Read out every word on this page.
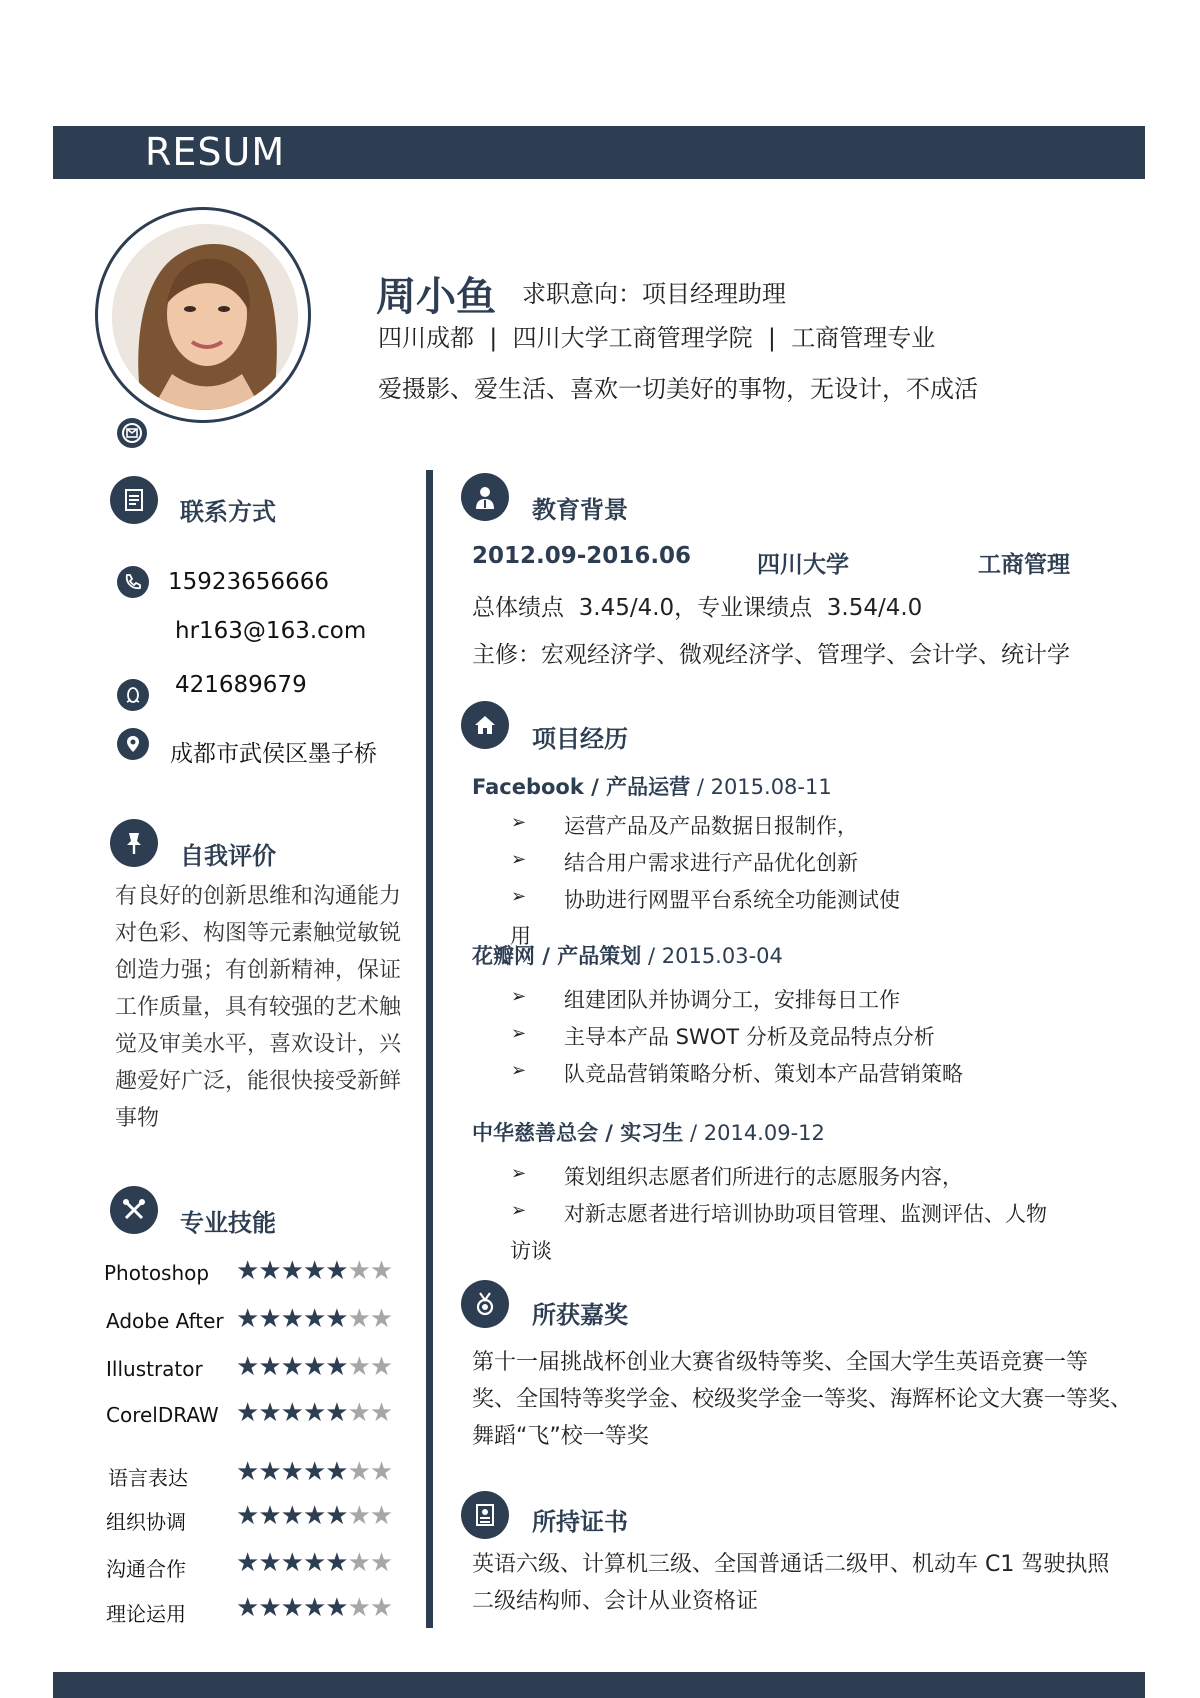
RESUM
周小鱼 求职意向：项目经理助理
四川成都 | 四川大学工商管理学院 | 工商管理专业
爱摄影、爱生活、喜欢一切美好的事物，无设计，不成活
联系方式
15923656666
hr163@163.com
421689679
成都市武侯区墨子桥
自我评价
有良好的创新思维和沟通能力对色彩、构图等元素触觉敏锐创造力强；有创新精神，保证工作质量，具有较强的艺术触觉及审美水平，喜欢设计，兴趣爱好广泛，能很快接受新鲜事物
专业技能
Photoshop ★★★★★★★
Adobe After ★★★★★★★
Illustrator ★★★★★★★
CorelDRAW ★★★★★★★
语言表达 ★★★★★★★
组织协调 ★★★★★★★
沟通合作 ★★★★★★★
理论运用 ★★★★★★★
教育背景
2012.09-2016.06	四川大学	工商管理
总体绩点  3.45/4.0，专业课绩点  3.54/4.0
主修：宏观经济学、微观经济学、管理学、会计学、统计学
项目经历
Facebook / 产品运营 / 2015.08-11
➢ 运营产品及产品数据日报制作，
➢ 结合用户需求进行产品优化创新
➢ 协助进行网盟平台系统全功能测试使
用
花瓣网 / 产品策划 / 2015.03-04
➢ 组建团队并协调分工，安排每日工作
➢ 主导本产品 SWOT 分析及竞品特点分析
➢ 队竞品营销策略分析、策划本产品营销策略
中华慈善总会 / 实习生 / 2014.09-12
➢ 策划组织志愿者们所进行的志愿服务内容，
➢ 对新志愿者进行培训协助项目管理、监测评估、人物
访谈
所获嘉奖
第十一届挑战杯创业大赛省级特等奖、全国大学生英语竞赛一等
奖、全国特等奖学金、校级奖学金一等奖、海辉杯论文大赛一等奖、
舞蹈“飞”校一等奖
所持证书
英语六级、计算机三级、全国普通话二级甲、机动车 C1 驾驶执照
二级结构师、会计从业资格证
